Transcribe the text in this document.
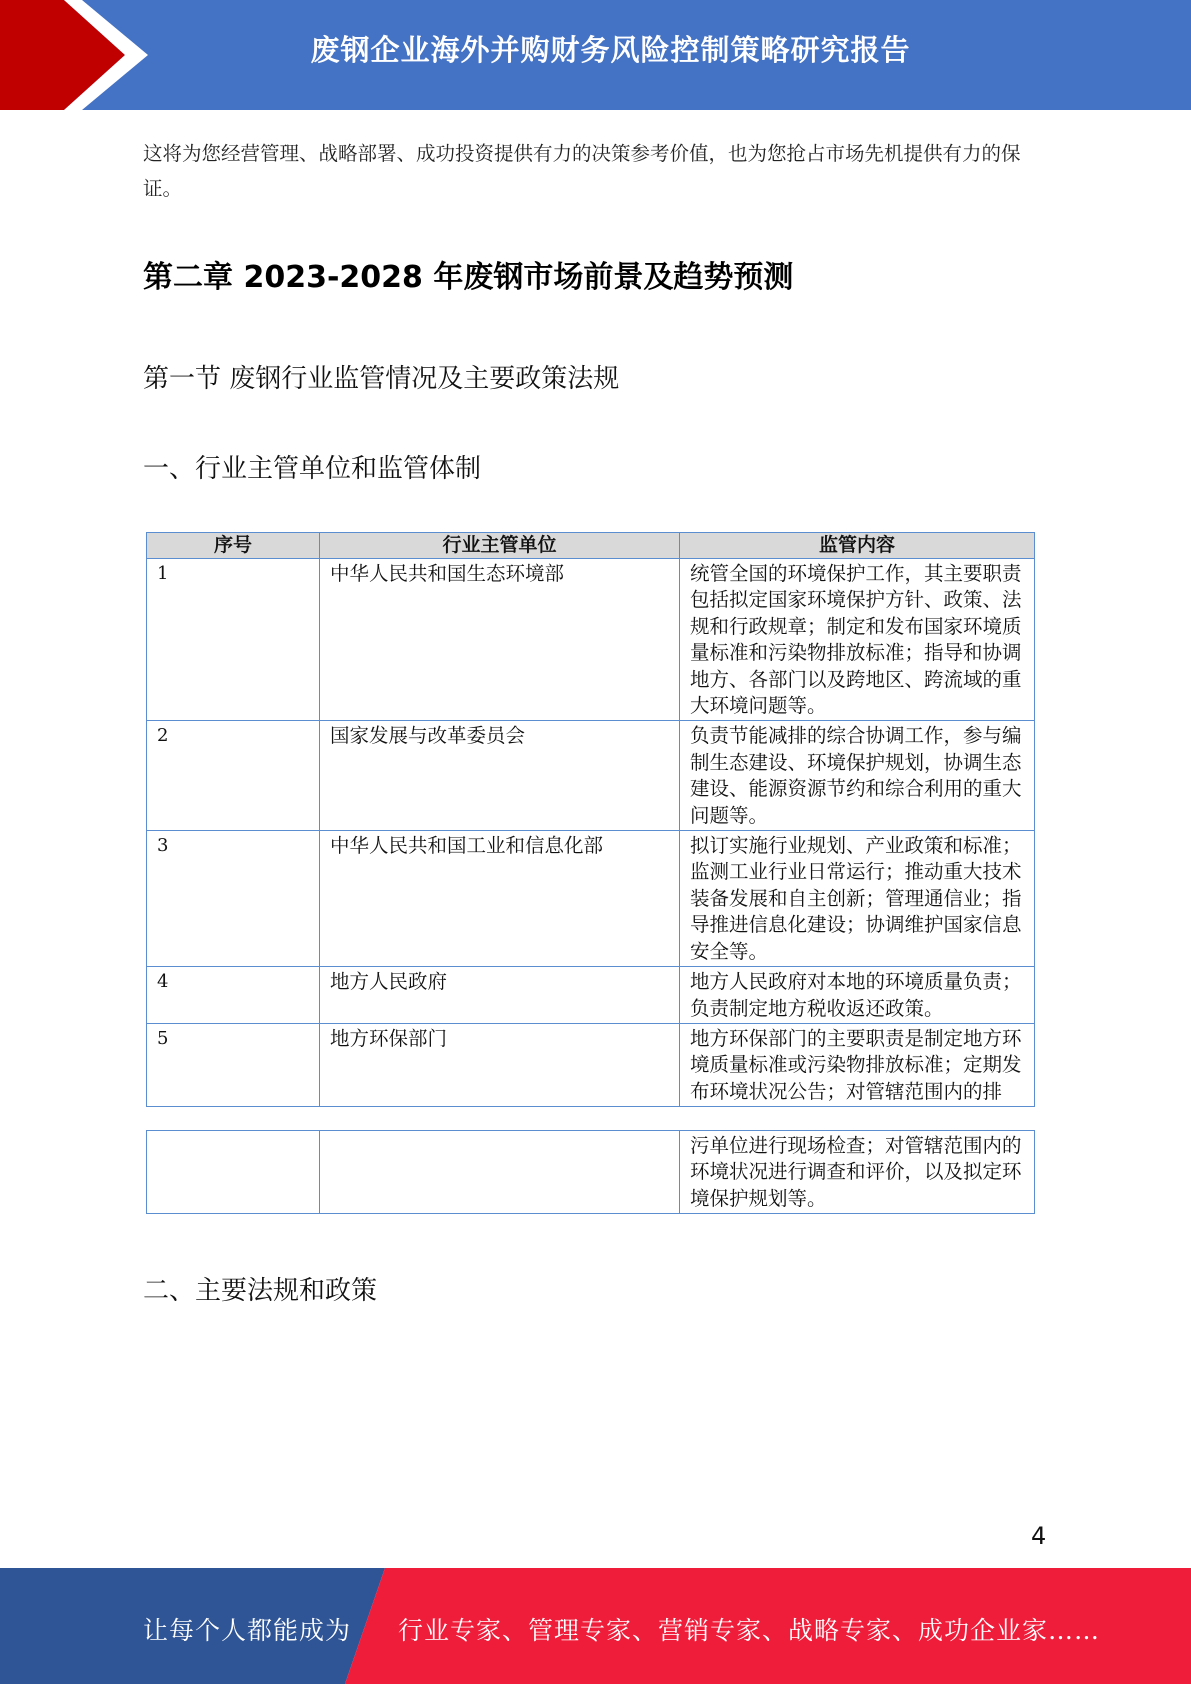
废钢企业海外并购财务风险控制策略研究报告
这将为您经营管理、战略部署、成功投资提供有力的决策参考价值，也为您抢占市场先机提供有力的保证。
第二章 2023-2028 年废钢市场前景及趋势预测
第一节 废钢行业监管情况及主要政策法规
一、行业主管单位和监管体制
序号	行业主管单位	监管内容
1	中华人民共和国生态环境部	统管全国的环境保护工作，其主要职责包括拟定国家环境保护方针、政策、法规和行政规章；制定和发布国家环境质量标准和污染物排放标准；指导和协调地方、各部门以及跨地区、跨流域的重大环境问题等。
2	国家发展与改革委员会	负责节能减排的综合协调工作，参与编制生态建设、环境保护规划，协调生态建设、能源资源节约和综合利用的重大问题等。
3	中华人民共和国工业和信息化部	拟订实施行业规划、产业政策和标准；监测工业行业日常运行；推动重大技术装备发展和自主创新；管理通信业；指导推进信息化建设；协调维护国家信息安全等。
4	地方人民政府	地方人民政府对本地的环境质量负责；负责制定地方税收返还政策。
5	地方环保部门	地方环保部门的主要职责是制定地方环境质量标准或污染物排放标准；定期发布环境状况公告；对管辖范围内的排
		污单位进行现场检查；对管辖范围内的环境状况进行调查和评价，以及拟定环境保护规划等。
二、主要法规和政策
4
让每个人都能成为 行业专家、管理专家、营销专家、战略专家、成功企业家……
